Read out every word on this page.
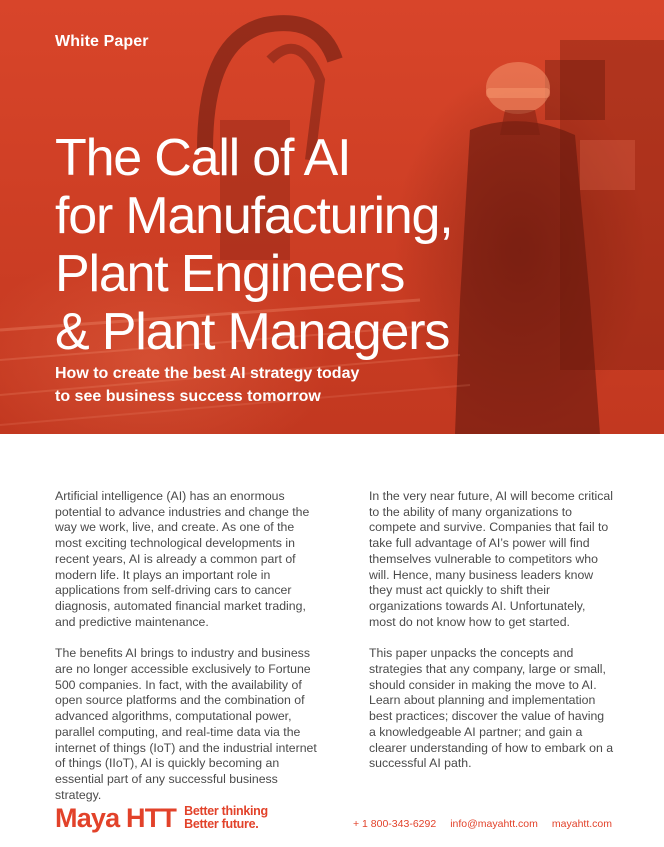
White Paper

The Call of AI
for Manufacturing,
Plant Engineers
& Plant Managers

How to create the best AI strategy today
to see business success tomorrow

Artificial intelligence (AI) has an enormous potential to advance industries and change the way we work, live, and create. As one of the most exciting technological developments in recent years, AI is already a common part of modern life. It plays an important role in applications from self-driving cars to cancer diagnosis, automated financial market trading, and predictive maintenance.

The benefits AI brings to industry and business are no longer accessible exclusively to Fortune 500 companies. In fact, with the availability of open source platforms and the combination of advanced algorithms, computational power, parallel computing, and real-time data via the internet of things (IoT) and the industrial internet of things (IIoT), AI is quickly becoming an essential part of any successful business strategy.

In the very near future, AI will become critical to the ability of many organizations to compete and survive. Companies that fail to take full advantage of AI’s power will find themselves vulnerable to competitors who will. Hence, many business leaders know they must act quickly to shift their organizations towards AI. Unfortunately, most do not know how to get started.

This paper unpacks the concepts and strategies that any company, large or small, should consider in making the move to AI. Learn about planning and implementation best practices; discover the value of having a knowledgeable AI partner; and gain a clearer understanding of how to embark on a successful AI path.

Maya HTT Better thinking
Better future.	+ 1 800-343-6292 info@mayahtt.com mayahtt.com
